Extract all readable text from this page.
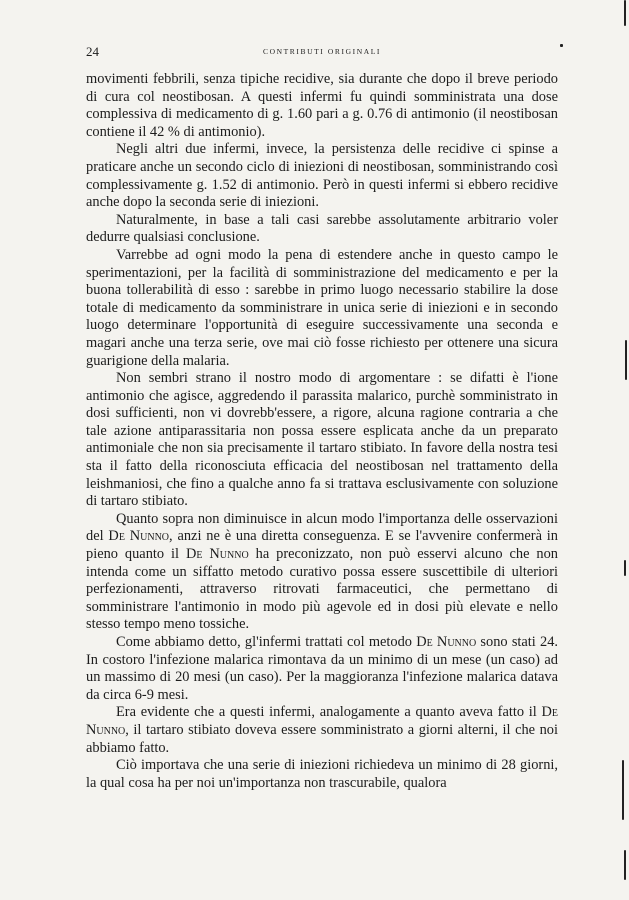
24	CONTRIBUTI ORIGINALI

movimenti febbrili, senza tipiche recidive, sia durante che dopo il breve periodo di cura col neostibosan. A questi infermi fu quindi somministrata una dose complessiva di medicamento di g. 1.60 pari a g. 0.76 di antimonio (il neostibosan contiene il 42 % di antimonio).

Negli altri due infermi, invece, la persistenza delle recidive ci spinse a praticare anche un secondo ciclo di iniezioni di neostibosan, somministrando così complessivamente g. 1.52 di antimonio. Però in questi infermi si ebbero recidive anche dopo la seconda serie di iniezioni.

Naturalmente, in base a tali casi sarebbe assolutamente arbitrario voler dedurre qualsiasi conclusione.

Varrebbe ad ogni modo la pena di estendere anche in questo campo le sperimentazioni, per la facilità di somministrazione del medicamento e per la buona tollerabilità di esso : sarebbe in primo luogo necessario stabilire la dose totale di medicamento da somministrare in unica serie di iniezioni e in secondo luogo determinare l'opportunità di eseguire successivamente una seconda e magari anche una terza serie, ove mai ciò fosse richiesto per ottenere una sicura guarigione della malaria.

Non sembri strano il nostro modo di argomentare : se difatti è l'ione antimonio che agisce, aggredendo il parassita malarico, purchè somministrato in dosi sufficienti, non vi dovrebb'essere, a rigore, alcuna ragione contraria a che tale azione antiparassitaria non possa essere esplicata anche da un preparato antimoniale che non sia precisamente il tartaro stibiato. In favore della nostra tesi sta il fatto della riconosciuta efficacia del neostibosan nel trattamento della leishmaniosi, che fino a qualche anno fa si trattava esclusivamente con soluzione di tartaro stibiato.

Quanto sopra non diminuisce in alcun modo l'importanza delle osservazioni del De Nunno, anzi ne è una diretta conseguenza. E se l'avvenire confermerà in pieno quanto il De Nunno ha preconizzato, non può esservi alcuno che non intenda come un siffatto metodo curativo possa essere suscettibile di ulteriori perfezionamenti, attraverso ritrovati farmaceutici, che permettano di somministrare l'antimonio in modo più agevole ed in dosi più elevate e nello stesso tempo meno tossiche.

Come abbiamo detto, gl'infermi trattati col metodo De Nunno sono stati 24. In costoro l'infezione malarica rimontava da un minimo di un mese (un caso) ad un massimo di 20 mesi (un caso). Per la maggioranza l'infezione malarica datava da circa 6-9 mesi.

Era evidente che a questi infermi, analogamente a quanto aveva fatto il De Nunno, il tartaro stibiato doveva essere somministrato a giorni alterni, il che noi abbiamo fatto.

Ciò importava che una serie di iniezioni richiedeva un minimo di 28 giorni, la qual cosa ha per noi un'importanza non trascurabile, qualora
